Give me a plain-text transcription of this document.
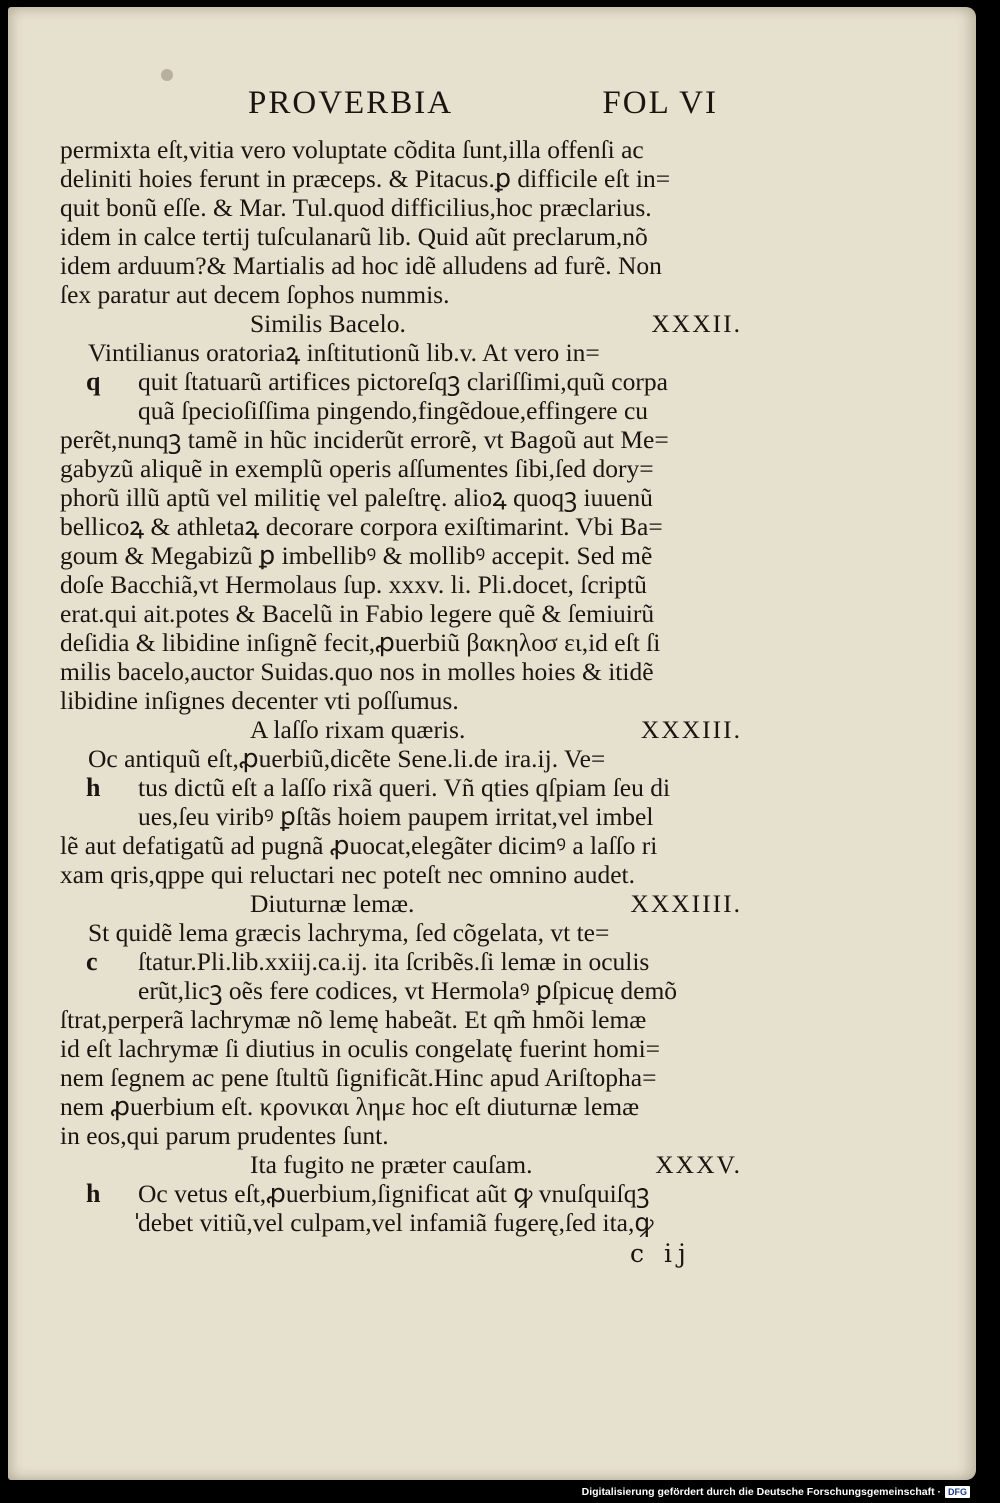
PROVERBIA	FOL VI
permixta eſt,vitia vero voluptate cõdita ſunt,illa offenſi ac
deliniti hoies ferunt in præceps. & Pitacus.ꝑ difficile eſt in=
quit bonũ eſſe. & Mar. Tul.quod difficilius,hoc præclarius.
idem in calce tertij tuſculanarũ lib. Quid aũt preclarum,nõ
idem arduum?& Martialis ad hoc idẽ alludens ad furẽ. Non
ſex paratur aut decem ſophos nummis.
Similis Bacelo.	XXXII.
q
Vintilianus oratoriaꝝ inſtitutionũ lib.v. At vero in=
quit ſtatuarũ artifices pictoreſqꝫ clariſſimi,quũ corpa
quã ſpecioſiſſima pingendo,fingẽdoue,effingere cu
perẽt,nunqꝫ tamẽ in hũc inciderũt errorẽ, vt Bagoũ aut Me=
gabyzũ aliquẽ in exemplũ operis aſſumentes ſibi,ſed dory=
phorũ illũ aptũ vel militię vel paleſtrę. alioꝝ quoqꝫ iuuenũ
bellicoꝝ & athletaꝝ decorare corpora exiſtimarint. Vbi Ba=
goum & Megabizũ ꝑ imbellibꝰ & mollibꝰ accepit. Sed mẽ
doſe Bacchiã,vt Hermolaus ſup. xxxv. li. Pli.docet, ſcriptũ
erat.qui ait.potes & Bacelũ in Fabio legere quẽ & ſemiuirũ
deſidia & libidine inſignẽ fecit,ꝓuerbiũ βακηλοσ ει,id eſt ſi
milis bacelo,auctor Suidas.quo nos in molles hoies & itidẽ
libidine inſignes decenter vti poſſumus.
A laſſo rixam quæris.	XXXIII.
h
Oc antiquũ eſt,ꝓuerbiũ,dicẽte Sene.li.de ira.ij. Ve=
tus dictũ eſt a laſſo rixã queri. Vñ qties qſpiam ſeu di
ues,ſeu viribꝰ ꝑſtãs hoiem paupem irritat,vel imbel
lẽ aut defatigatũ ad pugnã ꝓuocat,elegãter dicimꝰ a laſſo ri
xam qris,qppe qui reluctari nec poteſt nec omnino audet.
Diuturnæ lemæ.	XXXIIII.
c
St quidẽ lema græcis lachryma, ſed cõgelata, vt te=
ſtatur.Pli.lib.xxiij.ca.ij. ita ſcribẽs.ſi lemæ in oculis
erũt,licꝫ oẽs fere codices, vt Hermolaꝰ ꝑſpicuę demõ
ſtrat,perperã lachrymæ nõ lemę habeãt. Et qm̃ hmõi lemæ
id eſt lachrymæ ſi diutius in oculis congelatę fuerint homi=
nem ſegnem ac pene ſtultũ ſignificãt.Hinc apud Ariſtopha=
nem ꝓuerbium eſt. κρονικαι λημε hoc eſt diuturnæ lemæ
in eos,qui parum prudentes ſunt.
Ita fugito ne præter cauſam.	XXXV.
h	Oc vetus eſt,ꝓuerbium,ſignificat aũt ꝙ vnuſquiſqꝫ
debet vitiũ,vel culpam,vel infamiã fugerę,ſed ita,ꝙ
c ij
Digitalisierung gefördert durch die Deutsche Forschungsgemeinschaft · DFG
